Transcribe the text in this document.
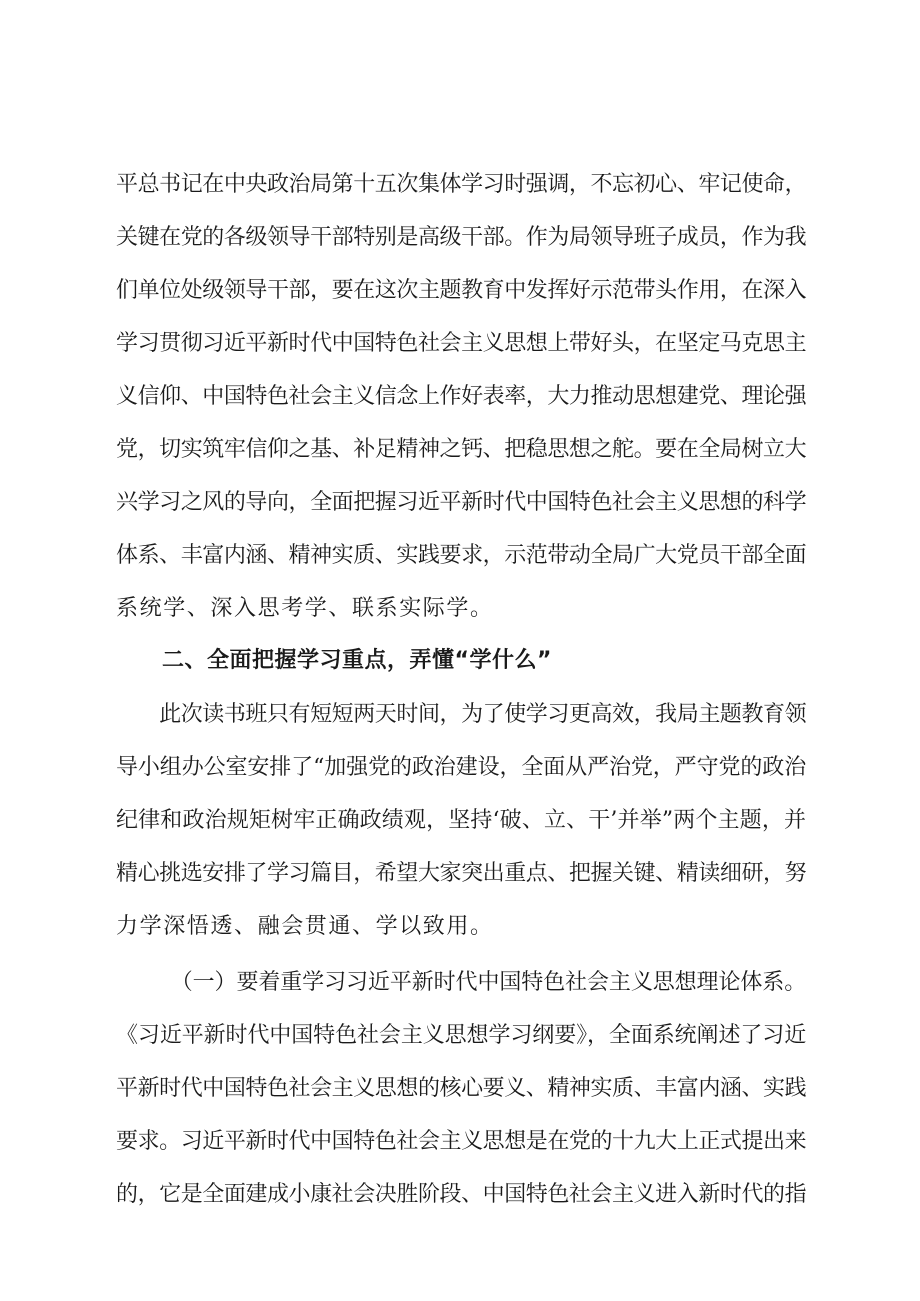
平总书记在中央政治局第十五次集体学习时强调，不忘初心、牢记使命，
关键在党的各级领导干部特别是高级干部。作为局领导班子成员，作为我
们单位处级领导干部，要在这次主题教育中发挥好示范带头作用，在深入
学习贯彻习近平新时代中国特色社会主义思想上带好头，在坚定马克思主
义信仰、中国特色社会主义信念上作好表率，大力推动思想建党、理论强
党，切实筑牢信仰之基、补足精神之钙、把稳思想之舵。要在全局树立大
兴学习之风的导向，全面把握习近平新时代中国特色社会主义思想的科学
体系、丰富内涵、精神实质、实践要求，示范带动全局广大党员干部全面
系统学、深入思考学、联系实际学。
二、全面把握学习重点，弄懂“学什么”
　　此次读书班只有短短两天时间，为了使学习更高效，我局主题教育领
导小组办公室安排了“加强党的政治建设，全面从严治党，严守党的政治
纪律和政治规矩树牢正确政绩观，坚持‘破、立、干’并举”两个主题，并
精心挑选安排了学习篇目，希望大家突出重点、把握关键、精读细研，努
力学深悟透、融会贯通、学以致用。
　　　（一）要着重学习习近平新时代中国特色社会主义思想理论体系。
《习近平新时代中国特色社会主义思想学习纲要》，全面系统阐述了习近
平新时代中国特色社会主义思想的核心要义、精神实质、丰富内涵、实践
要求。习近平新时代中国特色社会主义思想是在党的十九大上正式提出来
的，它是全面建成小康社会决胜阶段、中国特色社会主义进入新时代的指
